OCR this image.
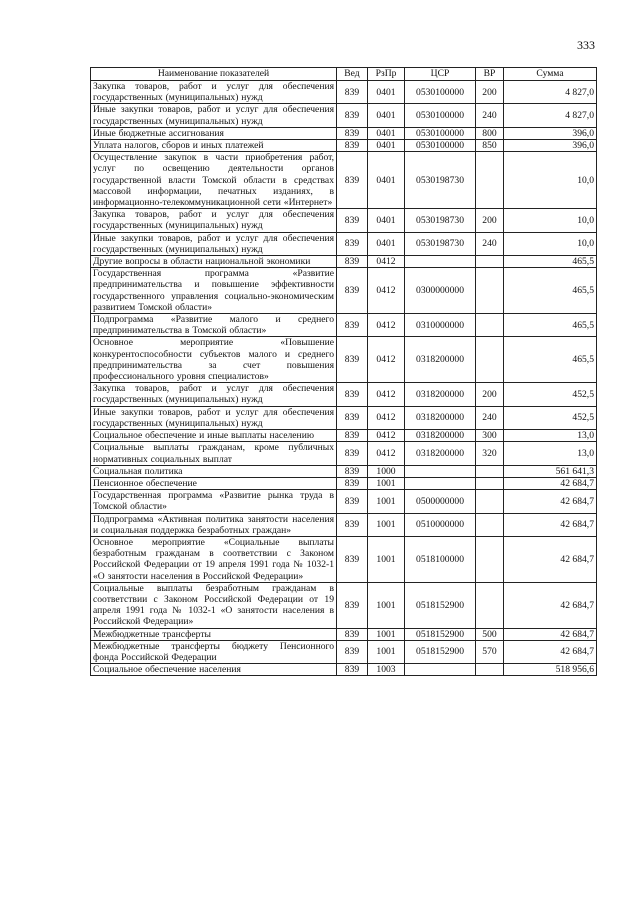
333
Наименование показателей	Вед	РзПр	ЦСР	ВР	Сумма
Закупка товаров, работ и услуг для обеспечения государственных (муниципальных) нужд	839	0401	0530100000	200	4 827,0
Иные закупки товаров, работ и услуг для обеспечения государственных (муниципальных) нужд	839	0401	0530100000	240	4 827,0
Иные бюджетные ассигнования	839	0401	0530100000	800	396,0
Уплата налогов, сборов и иных платежей	839	0401	0530100000	850	396,0
Осуществление закупок в части приобретения работ, услуг по освещению деятельности органов государственной власти Томской области в средствах массовой информации, печатных изданиях, в информационно-телекоммуникационной сети «Интернет»	839	0401	0530198730		10,0
Закупка товаров, работ и услуг для обеспечения государственных (муниципальных) нужд	839	0401	0530198730	200	10,0
Иные закупки товаров, работ и услуг для обеспечения государственных (муниципальных) нужд	839	0401	0530198730	240	10,0
Другие вопросы в области национальной экономики	839	0412			465,5
Государственная программа «Развитие предпринимательства и повышение эффективности государственного управления социально-экономическим развитием Томской области»	839	0412	0300000000		465,5
Подпрограмма «Развитие малого и среднего предпринимательства в Томской области»	839	0412	0310000000		465,5
Основное мероприятие «Повышение конкурентоспособности субъектов малого и среднего предпринимательства за счет повышения профессионального уровня специалистов»	839	0412	0318200000		465,5
Закупка товаров, работ и услуг для обеспечения государственных (муниципальных) нужд	839	0412	0318200000	200	452,5
Иные закупки товаров, работ и услуг для обеспечения государственных (муниципальных) нужд	839	0412	0318200000	240	452,5
Социальное обеспечение и иные выплаты населению	839	0412	0318200000	300	13,0
Социальные выплаты гражданам, кроме публичных нормативных социальных выплат	839	0412	0318200000	320	13,0
Социальная политика	839	1000			561 641,3
Пенсионное обеспечение	839	1001			42 684,7
Государственная программа «Развитие рынка труда в Томской области»	839	1001	0500000000		42 684,7
Подпрограмма «Активная политика занятости населения и социальная поддержка безработных граждан»	839	1001	0510000000		42 684,7
Основное мероприятие «Социальные выплаты безработным гражданам в соответствии с Законом Российской Федерации от 19 апреля 1991 года № 1032-1 «О занятости населения в Российской Федерации»	839	1001	0518100000		42 684,7
Социальные выплаты безработным гражданам в соответствии с Законом Российской Федерации от 19 апреля 1991 года № 1032-1 «О занятости населения в Российской Федерации»	839	1001	0518152900		42 684,7
Межбюджетные трансферты	839	1001	0518152900	500	42 684,7
Межбюджетные трансферты бюджету Пенсионного фонда Российской Федерации	839	1001	0518152900	570	42 684,7
Социальное обеспечение населения	839	1003			518 956,6
